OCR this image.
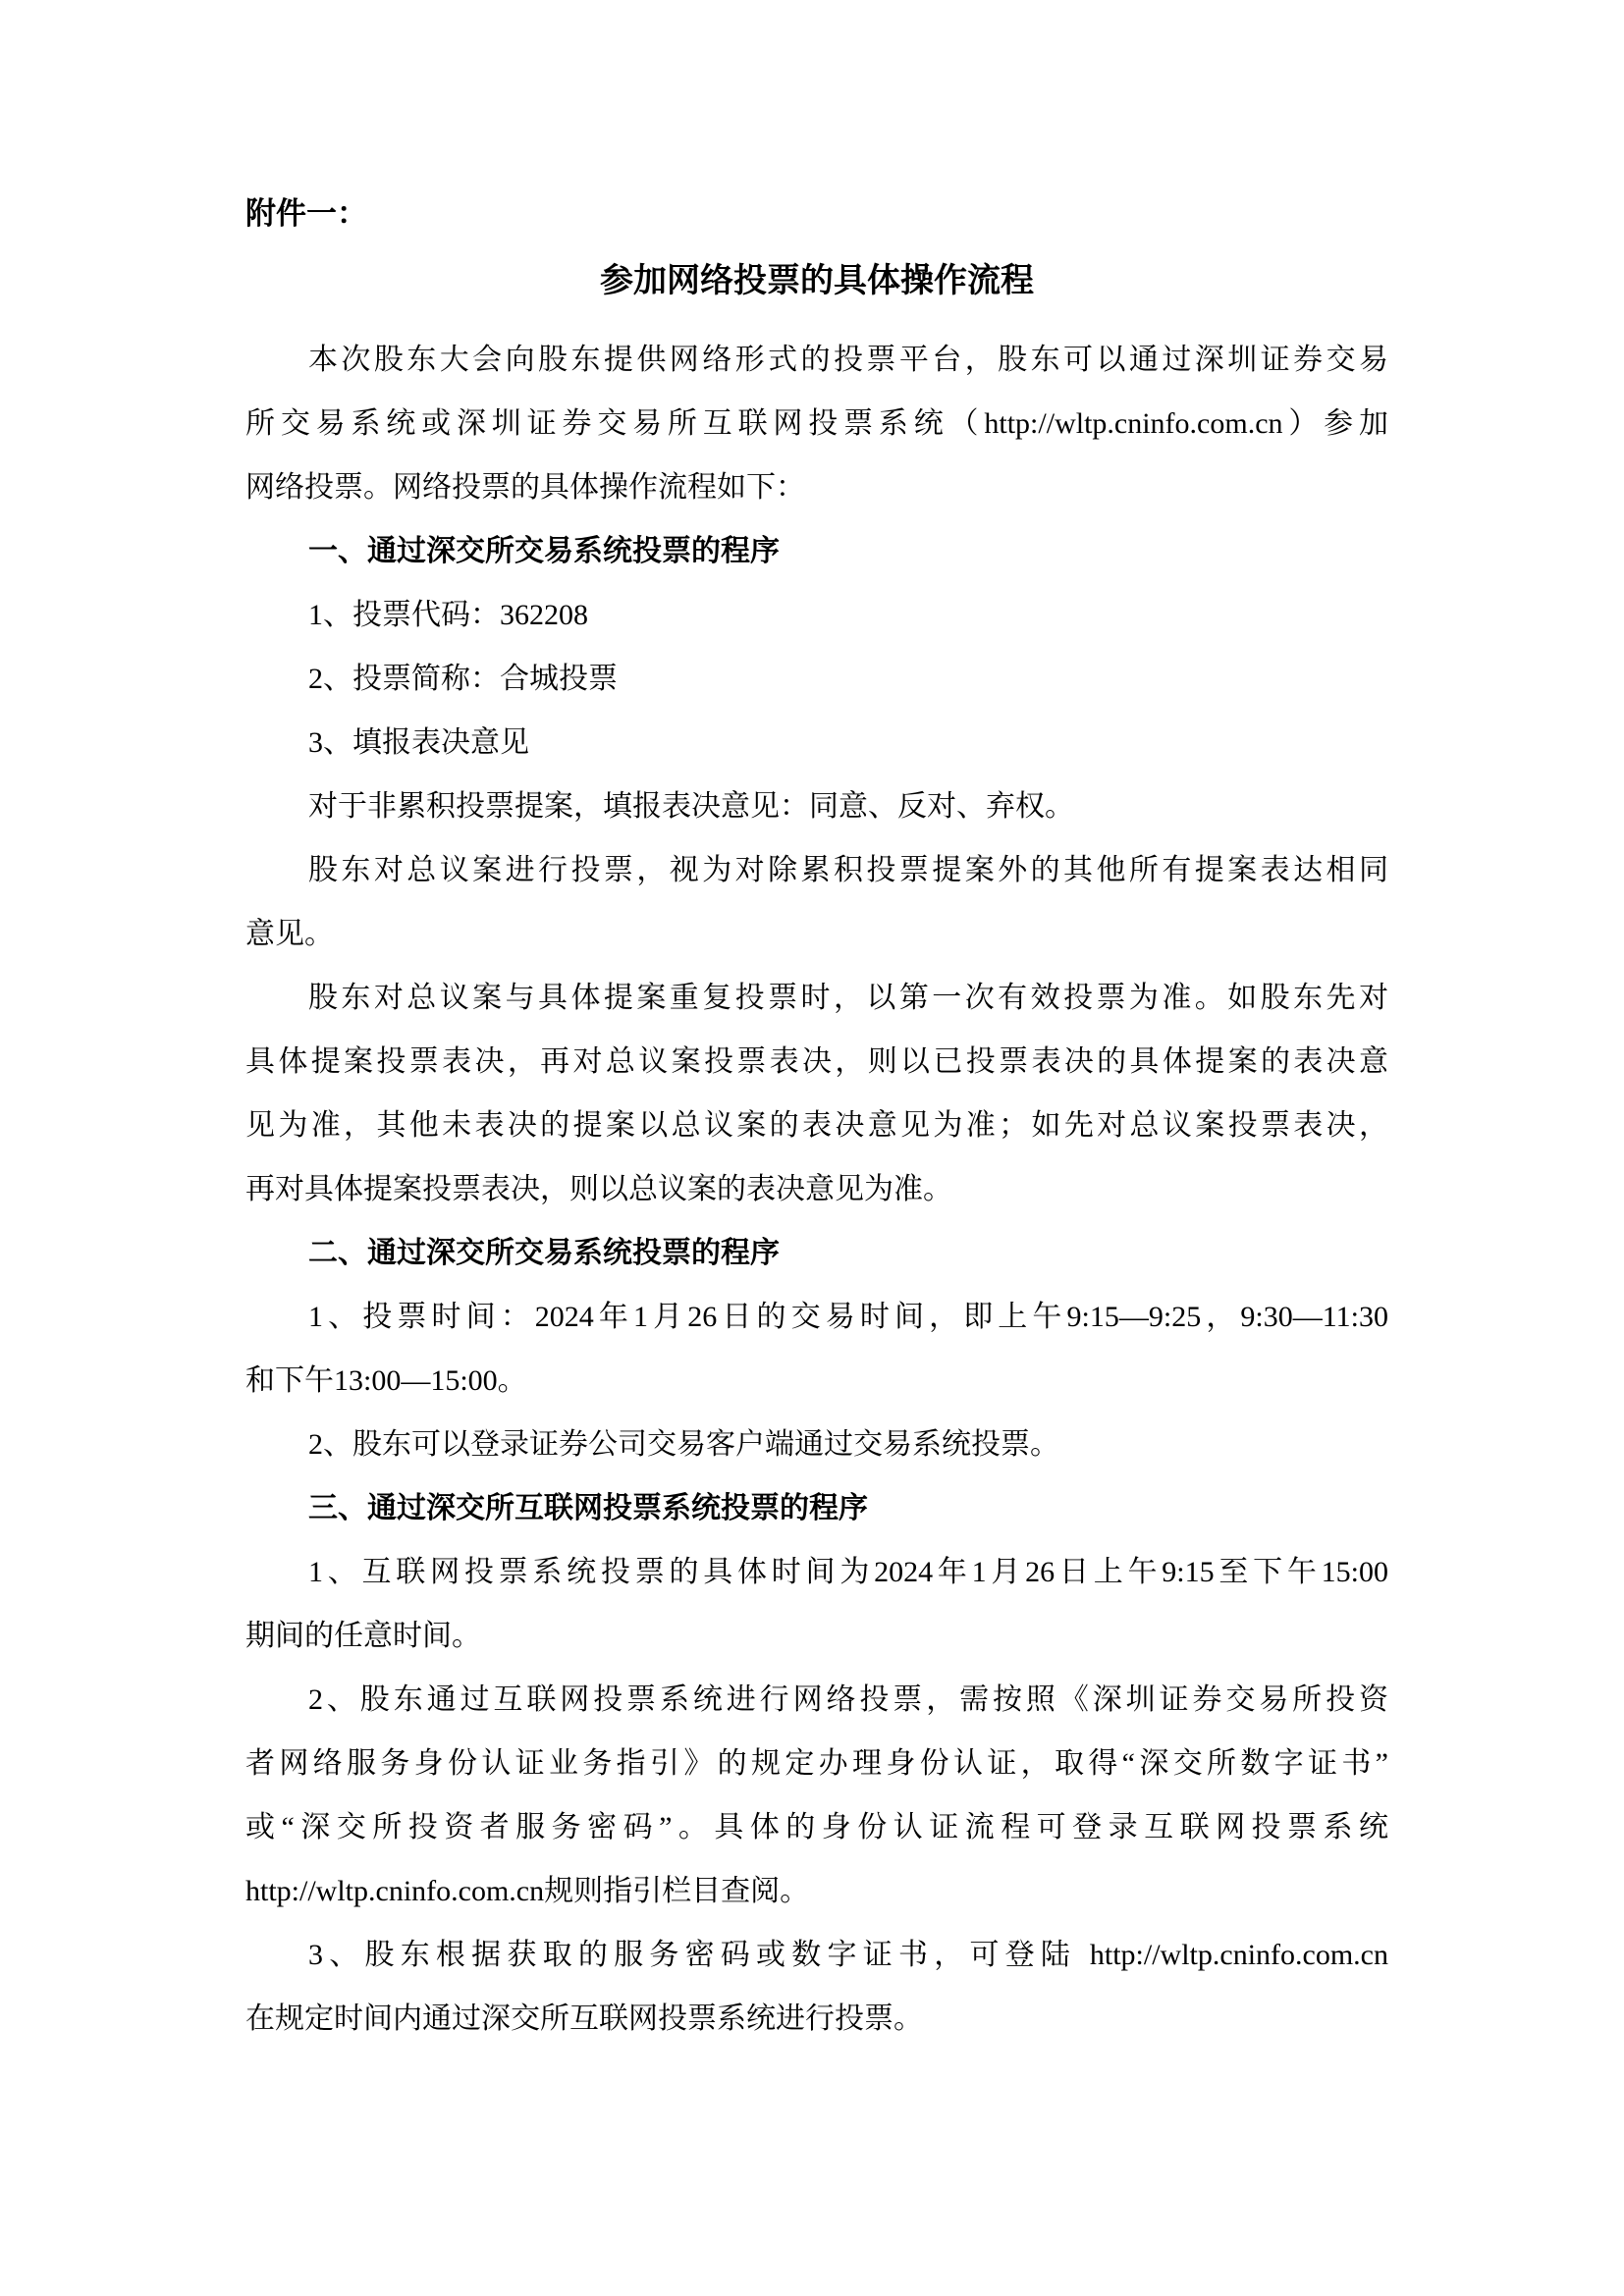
附件一：
参加网络投票的具体操作流程
本次股东大会向股东提供网络形式的投票平台，股东可以通过深圳证券交易
所交易系统或深圳证券交易所互联网投票系统（http://wltp.cninfo.com.cn）参加
网络投票。网络投票的具体操作流程如下：
一、通过深交所交易系统投票的程序
1、投票代码：362208
2、投票简称：合城投票
3、填报表决意见
对于非累积投票提案，填报表决意见：同意、反对、弃权。
股东对总议案进行投票，视为对除累积投票提案外的其他所有提案表达相同
意见。
股东对总议案与具体提案重复投票时，以第一次有效投票为准。如股东先对
具体提案投票表决，再对总议案投票表决，则以已投票表决的具体提案的表决意
见为准，其他未表决的提案以总议案的表决意见为准；如先对总议案投票表决，
再对具体提案投票表决，则以总议案的表决意见为准。
二、通过深交所交易系统投票的程序
1、投票时间：2024年1月26日的交易时间，即上午9:15—9:25，9:30—11:30
和下午13:00—15:00。
2、股东可以登录证券公司交易客户端通过交易系统投票。
三、通过深交所互联网投票系统投票的程序
1、互联网投票系统投票的具体时间为2024年1月26日上午9:15至下午15:00
期间的任意时间。
2、股东通过互联网投票系统进行网络投票，需按照《深圳证券交易所投资
者网络服务身份认证业务指引》的规定办理身份认证，取得“深交所数字证书”
或“深交所投资者服务密码”。具体的身份认证流程可登录互联网投票系统
http://wltp.cninfo.com.cn规则指引栏目查阅。
3、股东根据获取的服务密码或数字证书，可登陆 http://wltp.cninfo.com.cn
在规定时间内通过深交所互联网投票系统进行投票。
